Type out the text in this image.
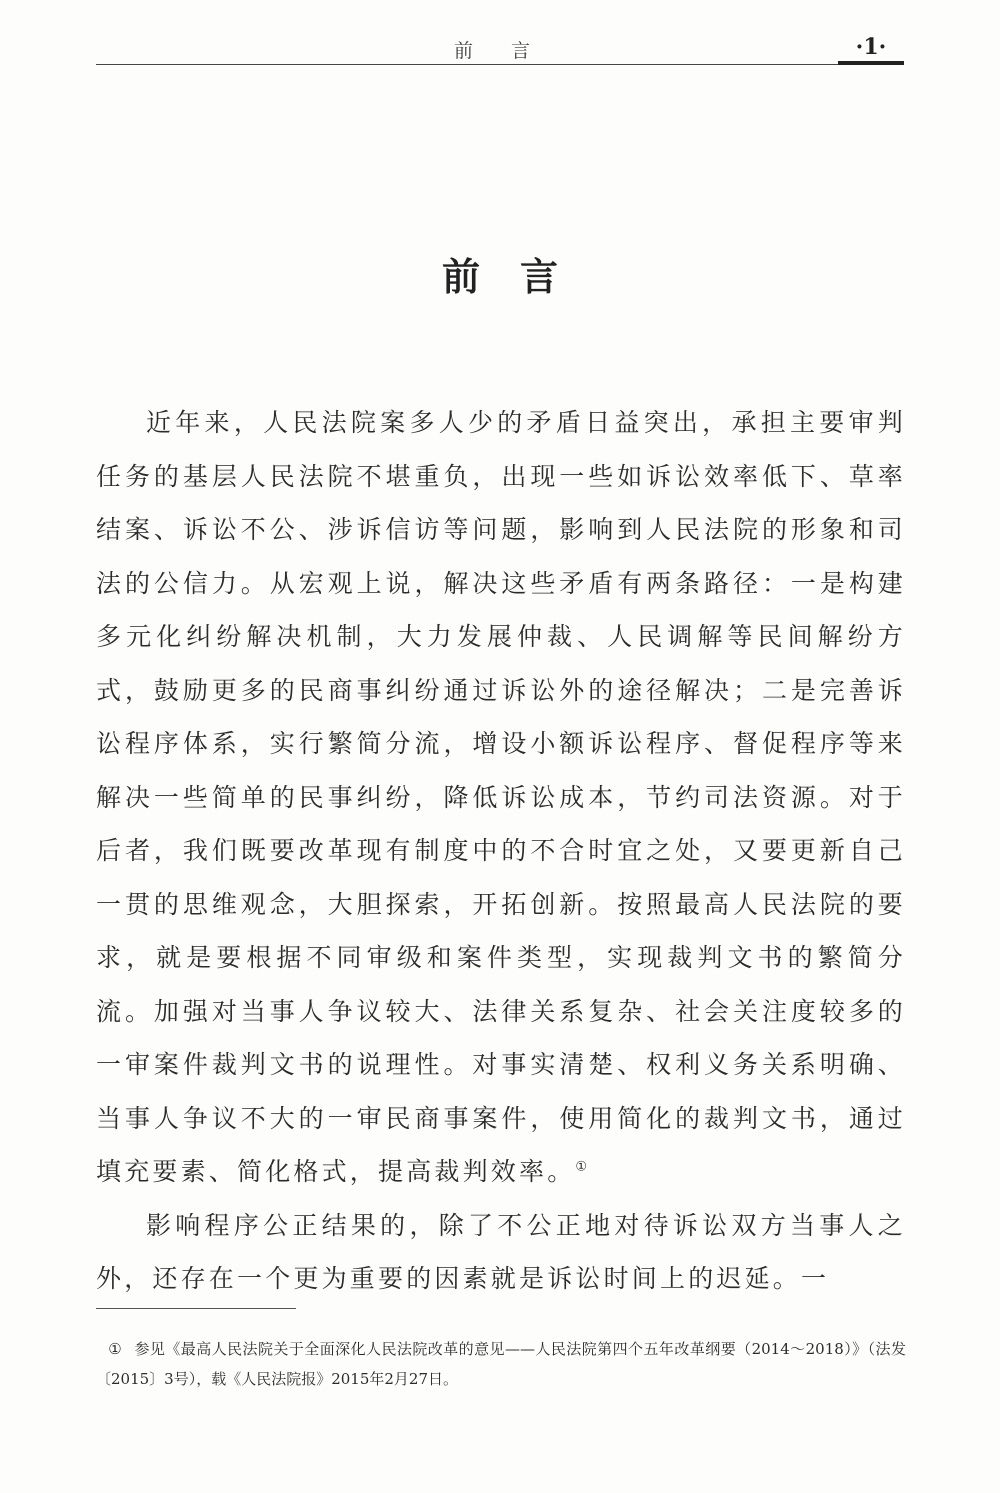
前 言	·1·
前言

近年来，人民法院案多人少的矛盾日益突出，承担主要审判任务的基层人民法院不堪重负，出现一些如诉讼效率低下、草率结案、诉讼不公、涉诉信访等问题，影响到人民法院的形象和司法的公信力。从宏观上说，解决这些矛盾有两条路径：一是构建多元化纠纷解决机制，大力发展仲裁、人民调解等民间解纷方式，鼓励更多的民商事纠纷通过诉讼外的途径解决；二是完善诉讼程序体系，实行繁简分流，增设小额诉讼程序、督促程序等来解决一些简单的民事纠纷，降低诉讼成本，节约司法资源。对于后者，我们既要改革现有制度中的不合时宜之处，又要更新自己一贯的思维观念，大胆探索，开拓创新。按照最高人民法院的要求，就是要根据不同审级和案件类型，实现裁判文书的繁简分流。加强对当事人争议较大、法律关系复杂、社会关注度较多的一审案件裁判文书的说理性。对事实清楚、权利义务关系明确、当事人争议不大的一审民商事案件，使用简化的裁判文书，通过填充要素、简化格式，提高裁判效率。①

影响程序公正结果的，除了不公正地对待诉讼双方当事人之外，还存在一个更为重要的因素就是诉讼时间上的迟延。一

① 参见《最高人民法院关于全面深化人民法院改革的意见——人民法院第四个五年改革纲要（2014～2018）》（法发〔2015〕3号），载《人民法院报》2015年2月27日。
